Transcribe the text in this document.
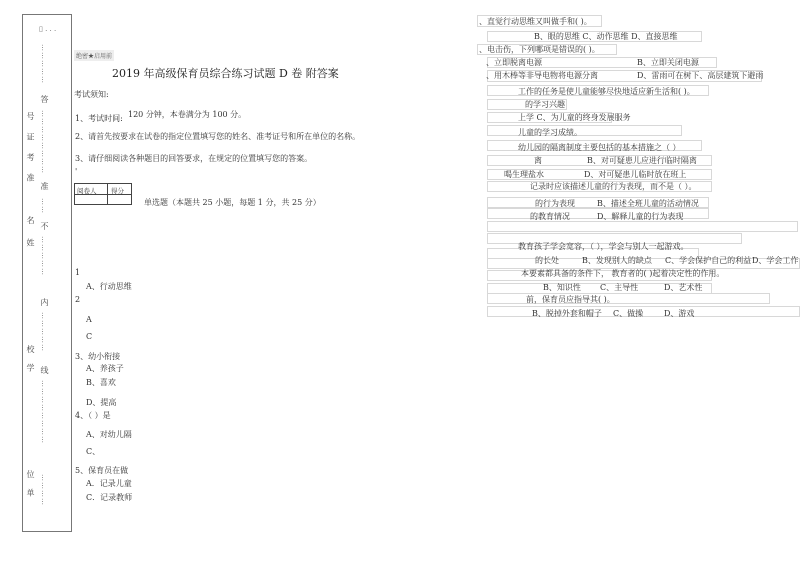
▯ . . .
……………
答
号 证 考 准 ……………………
准
名 姓
……
不
……………
内
……………
校 学 线
……………………
位 单 …………
绝密★启用前
2019 年高级保育员综合练习试题 D 卷 附答案
考试须知:
1、考试时间: 120 分钟，本卷满分为 100 分。
2、请首先按要求在试卷的指定位置填写您的姓名、准考证号和所在单位的名称。
3、请仔细阅读各种题目的回答要求，在规定的位置填写您的答案。
'
阅卷人 得分
单选题（本题共 25 小题，每题 1 分，共 25 分）
1
A、行动思维
2
A
C
3、幼小衔接
A、养孩子
B、喜欢
D、提高
4、（ ）是
A、对幼儿隔
C、
5、保育员在做
A．记录儿童
C．记录教师
、直觉行动思维又叫做手和( )。
B、眼的思维 C、动作思维 D、直接思维
、电击伤，下列哪项是错误的( )。
、立即脱离电源	B、立即关闭电源
、用木棒等非导电物将电源分离	D、雷雨可在树下、高层建筑下避雨
工作的任务是使儿童能够尽快地适应新生活和( )。
的学习兴趣
上学 C、为儿童的终身发展服务
儿童的学习成绩。
幼儿园的隔离制度主要包括的基本措施之（ ）
离	B、对可疑患儿应进行临时隔离
喝生理盐水	D、对可疑患儿临时放在班上
记录时应该描述儿童的行为表现，而不是（ ）。
的行为表现	B、描述全班儿童的活动情况
的教育情况	D、解释儿童的行为表现
教育孩子学会宽容，（ ），学会与别人一起游戏。
的长处	B、发现别人的缺点 C、学会保护自己的利益 D、学会工作
本要素都具备的条件下， 教育者的( )起着决定性的作用。
B、知识性 C、主导性	D、艺术性
前，保育员应指导其( )。
B、脱掉外套和帽子 C、做操	D、游戏
